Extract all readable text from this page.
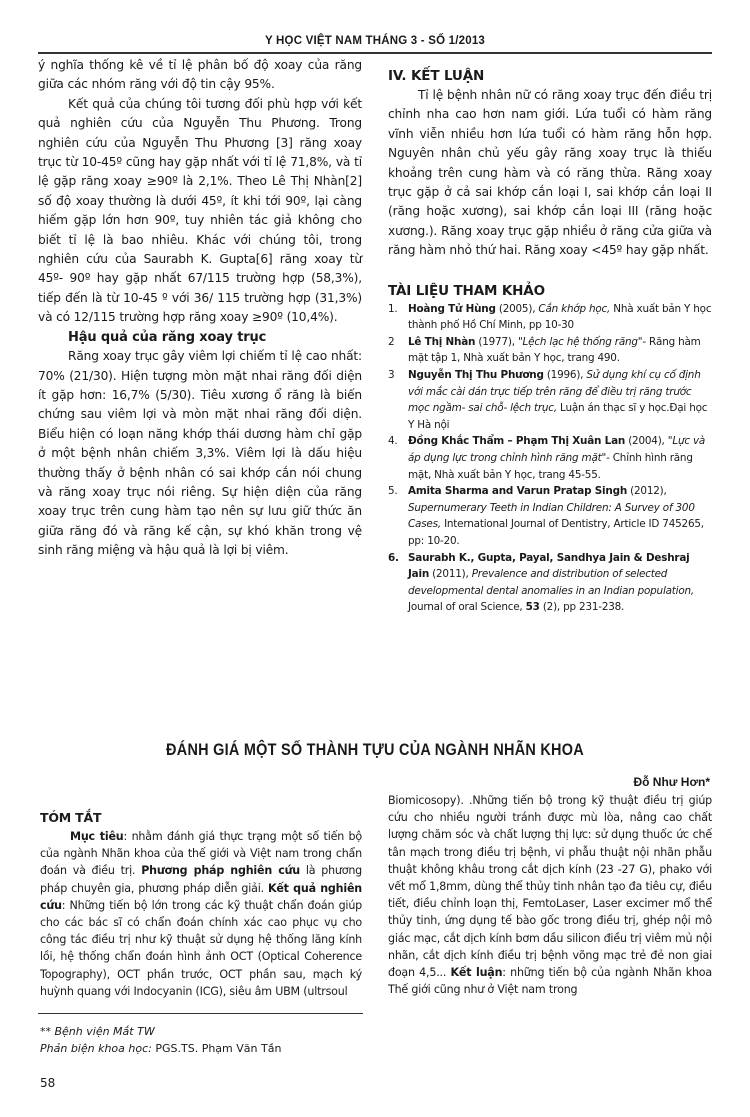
Y HỌC VIỆT NAM THÁNG 3 - SỐ 1/2013

ý nghĩa thống kê về tỉ lệ phân bố độ xoay của răng giữa các nhóm răng với độ tin cậy 95%.

Kết quả của chúng tôi tương đối phù hợp với kết quả nghiên cứu của Nguyễn Thu Phương. Trong nghiên cứu của Nguyễn Thu Phương [3] răng xoay trục từ 10-45º cũng hay gặp nhất với tỉ lệ 71,8%, và tỉ lệ gặp răng xoay ≥90º là 2,1%. Theo Lê Thị Nhàn[2] số độ xoay thường là dưới 45º, ít khi tới 90º, lại càng hiếm gặp lớn hơn 90º, tuy nhiên tác giả không cho biết tỉ lệ là bao nhiêu. Khác với chúng tôi, trong nghiên cứu của Saurabh K. Gupta[6] răng xoay từ 45º- 90º hay gặp nhất 67/115 trường hợp (58,3%), tiếp đến là từ 10-45 º với 36/ 115 trường hợp (31,3%) và có 12/115 trường hợp răng xoay ≥90º (10,4%).

Hậu quả của răng xoay trục

Răng xoay trục gây viêm lợi chiếm tỉ lệ cao nhất: 70% (21/30). Hiện tượng mòn mặt nhai răng đối diện ít gặp hơn: 16,7% (5/30). Tiêu xương ổ răng là biến chứng sau viêm lợi và mòn mặt nhai răng đối diện. Biểu hiện có loạn năng khớp thái dương hàm chỉ gặp ở một bệnh nhân chiếm 3,3%. Viêm lợi là dấu hiệu thường thấy ở bệnh nhân có sai khớp cắn nói chung và răng xoay trục nói riêng. Sự hiện diện của răng xoay trục trên cung hàm tạo nên sự lưu giữ thức ăn giữa răng đó và răng kế cận, sự khó khăn trong vệ sinh răng miệng và hậu quả là lợi bị viêm.

IV. KẾT LUẬN

Tỉ lệ bệnh nhân nữ có răng xoay trục đến điều trị chỉnh nha cao hơn nam giới. Lứa tuổi có hàm răng vĩnh viễn nhiều hơn lứa tuổi có hàm răng hỗn hợp. Nguyên nhân chủ yếu gây răng xoay trục là thiếu khoảng trên cung hàm và có răng thừa. Răng xoay trục gặp ở cả sai khớp cắn loại I, sai khớp cắn loại II (răng hoặc xương), sai khớp cắn loại III (răng hoặc xương.). Răng xoay trục gặp nhiều ở răng cửa giữa và răng hàm nhỏ thứ hai. Răng xoay <45º hay gặp nhất.

TÀI LIỆU THAM KHẢO

1.	Hoàng Tử Hùng (2005), Cắn khớp học, Nhà xuất bản Y học thành phố Hồ Chí Minh, pp 10-30
2	Lê Thị Nhàn (1977), "Lệch lạc hệ thống răng"- Răng hàm mặt tập 1, Nhà xuất bản Y học, trang 490.
3	Nguyễn Thị Thu Phương (1996), Sử dụng khí cụ cố định với mắc cài dán trực tiếp trên răng để điều trị răng trước mọc ngầm- sai chỗ- lệch trục, Luận án thạc sĩ y học.Đại học Y Hà nội
4.	Đồng Khắc Thẩm – Phạm Thị Xuân Lan (2004), "Lực và áp dụng lực trong chỉnh hình răng mặt"- Chỉnh hình răng mặt, Nhà xuất bản Y học, trang 45-55.
5.	Amita Sharma and Varun Pratap Singh (2012), Supernumerary Teeth in Indian Children: A Survey of 300 Cases, International Journal of Dentistry, Article ID 745265, pp: 10-20.
6. Saurabh K., Gupta, Payal, Sandhya Jain & Deshraj Jain (2011), Prevalence and distribution of selected developmental dental anomalies in an Indian population, Journal of oral Science, 53 (2), pp 231-238.
ĐÁNH GIÁ MỘT SỐ THÀNH TỰU CỦA NGÀNH NHÃN KHOA
Đỗ Như Hơn*

TÓM TẮT

Mục tiêu: nhằm đánh giá thực trạng một số tiến bộ của ngành Nhãn khoa của thế giới và Việt nam trong chẩn đoán và điều trị. Phương pháp nghiên cứu là phương pháp chuyên gia, phương pháp diễn giải. Kết quả nghiên cứu: Những tiến bộ lớn trong các kỹ thuật chẩn đoán giúp cho các bác sĩ có chẩn đoán chính xác cao phục vụ cho công tác điều trị như kỹ thuật sử dụng hệ thống lăng kính lồi, hệ thống chẩn đoán hình ảnh OCT (Optical Coherence Topography), OCT phần trước, OCT phần sau, mạch ký huỳnh quang với Indocyanin (ICG), siêu âm UBM (ultrsoul

Biomicosopy). .Những tiến bộ trong kỹ thuật điều trị giúp cứu cho nhiều người tránh được mù lòa, nâng cao chất lượng chăm sóc và chất lượng thị lực: sử dụng thuốc ức chế tân mạch trong điều trị bệnh, vi phẫu thuật nội nhãn phẫu thuật không khâu trong cắt dịch kính (23 -27 G), phako với vết mổ 1,8mm, dùng thể thủy tinh nhân tạo đa tiêu cự, điều tiết, điều chỉnh loạn thị, FemtoLaser, Laser excimer mổ thể thủy tinh, ứng dụng tế bào gốc trong điều trị, ghép nội mô giác mạc, cắt dịch kính bơm dầu silicon điều trị viêm mủ nội nhãn, cắt dịch kính điều trị bệnh võng mạc trẻ đẻ non giai đoạn 4,5... Kết luận: những tiến bộ của ngành Nhãn khoa Thế giới cũng như ở Việt nam trong

** Bệnh viện Mắt TW
Phản biện khoa học: PGS.TS. Phạm Văn Tần
58
